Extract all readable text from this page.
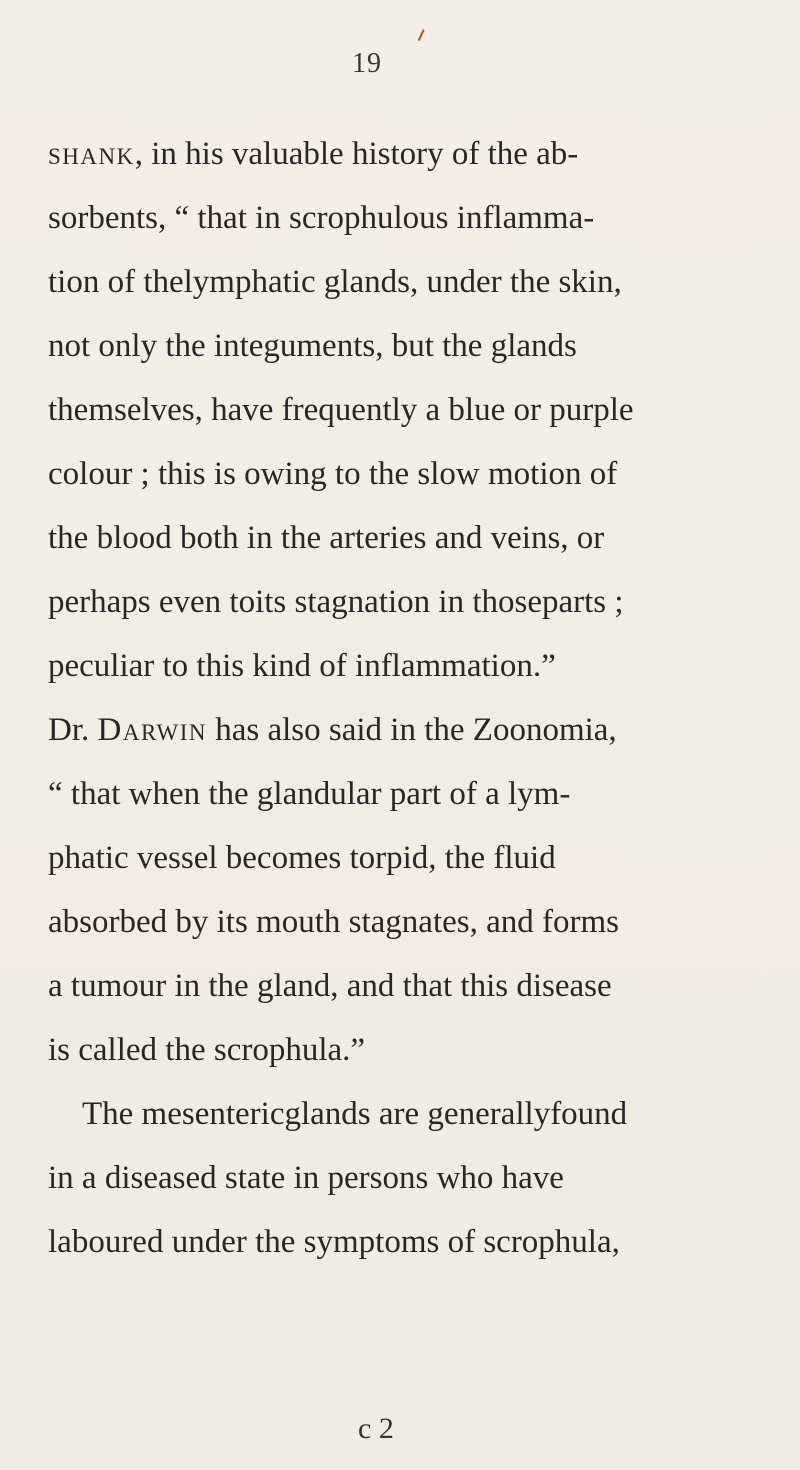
19
shank, in his valuable history of the ab-
sorbents, “ that in scrophulous inflamma-
tion of thelymphatic glands, under the skin,
not only the integuments, but the glands
themselves, have frequently a blue or purple
colour ; this is owing to the slow motion of
the blood both in the arteries and veins, or
perhaps even toits stagnation in thoseparts ;
peculiar to this kind of inflammation.”
Dr. Darwin has also said in the Zoonomia,
“ that when the glandular part of a lym-
phatic vessel becomes torpid, the fluid
absorbed by its mouth stagnates, and forms
a tumour in the gland, and that this disease
is called the scrophula.”
The mesentericglands are generallyfound
in a diseased state in persons who have
laboured under the symptoms of scrophula,
c 2
